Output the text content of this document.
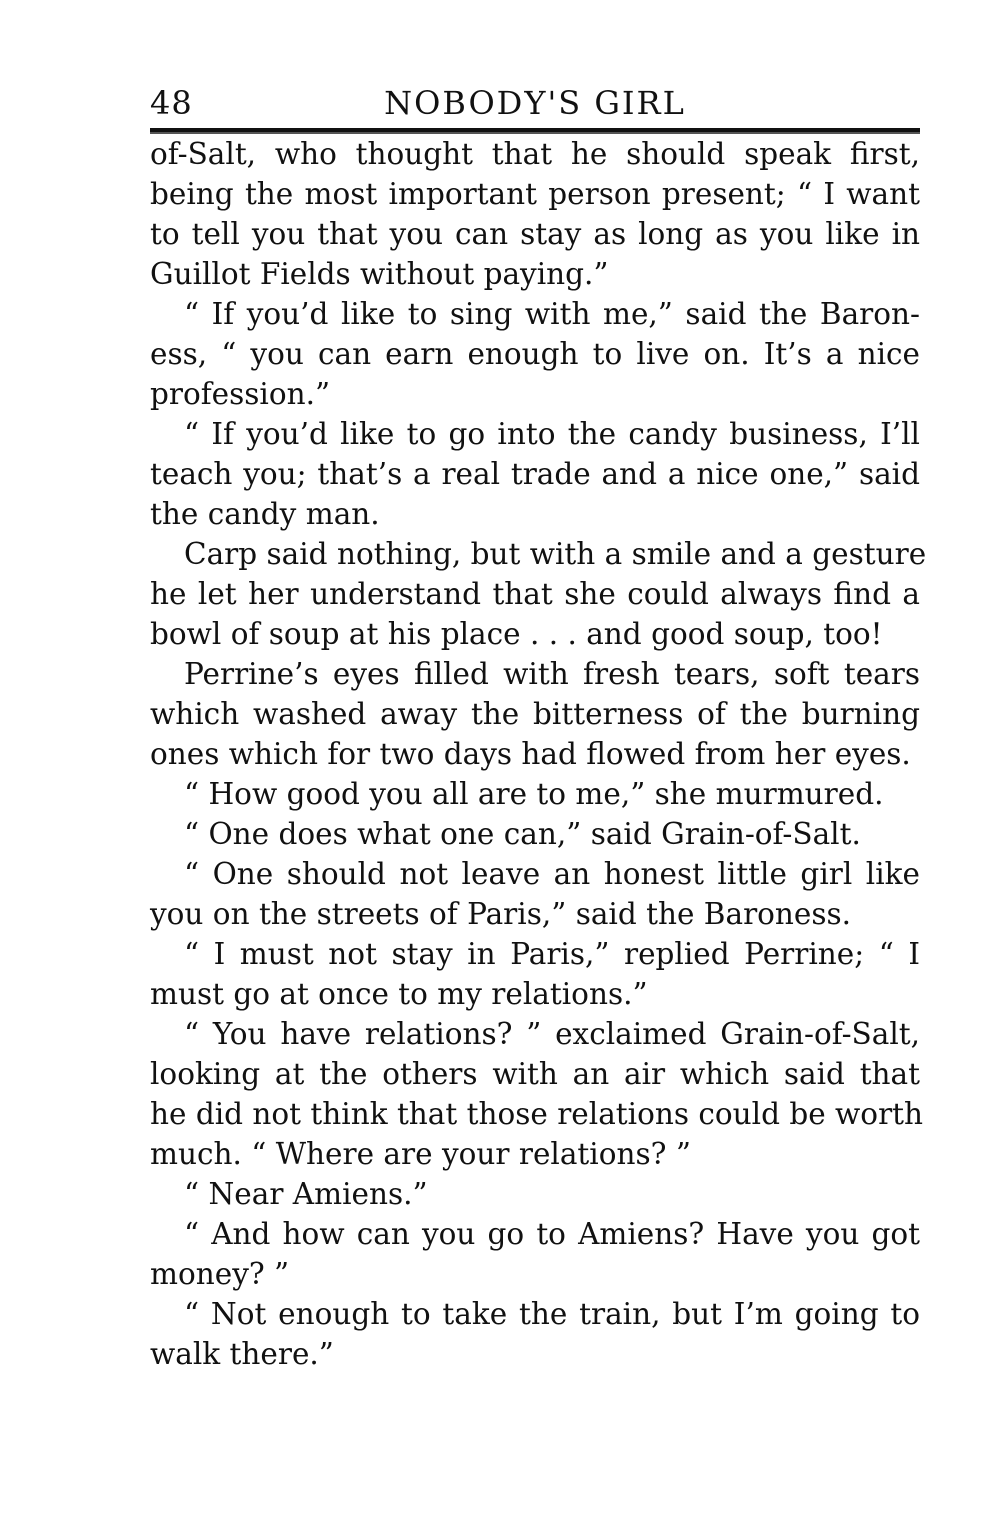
48	NOBODY'S GIRL
of-Salt, who thought that he should speak first,
being the most important person present; “ I want
to tell you that you can stay as long as you like in
Guillot Fields without paying.”
“ If you’d like to sing with me,” said the Baron-
ess, “ you can earn enough to live on. It’s a nice
profession.”
“ If you’d like to go into the candy business, I’ll
teach you; that’s a real trade and a nice one,” said
the candy man.
Carp said nothing, but with a smile and a gesture
he let her understand that she could always find a
bowl of soup at his place . . . and good soup, too!
Perrine’s eyes filled with fresh tears, soft tears
which washed away the bitterness of the burning
ones which for two days had flowed from her eyes.
“ How good you all are to me,” she murmured.
“ One does what one can,” said Grain-of-Salt.
“ One should not leave an honest little girl like
you on the streets of Paris,” said the Baroness.
“ I must not stay in Paris,” replied Perrine; “ I
must go at once to my relations.”
“ You have relations? ” exclaimed Grain-of-Salt,
looking at the others with an air which said that
he did not think that those relations could be worth
much. “ Where are your relations? ”
“ Near Amiens.”
“ And how can you go to Amiens? Have you got
money? ”
“ Not enough to take the train, but I’m going to
walk there.”
